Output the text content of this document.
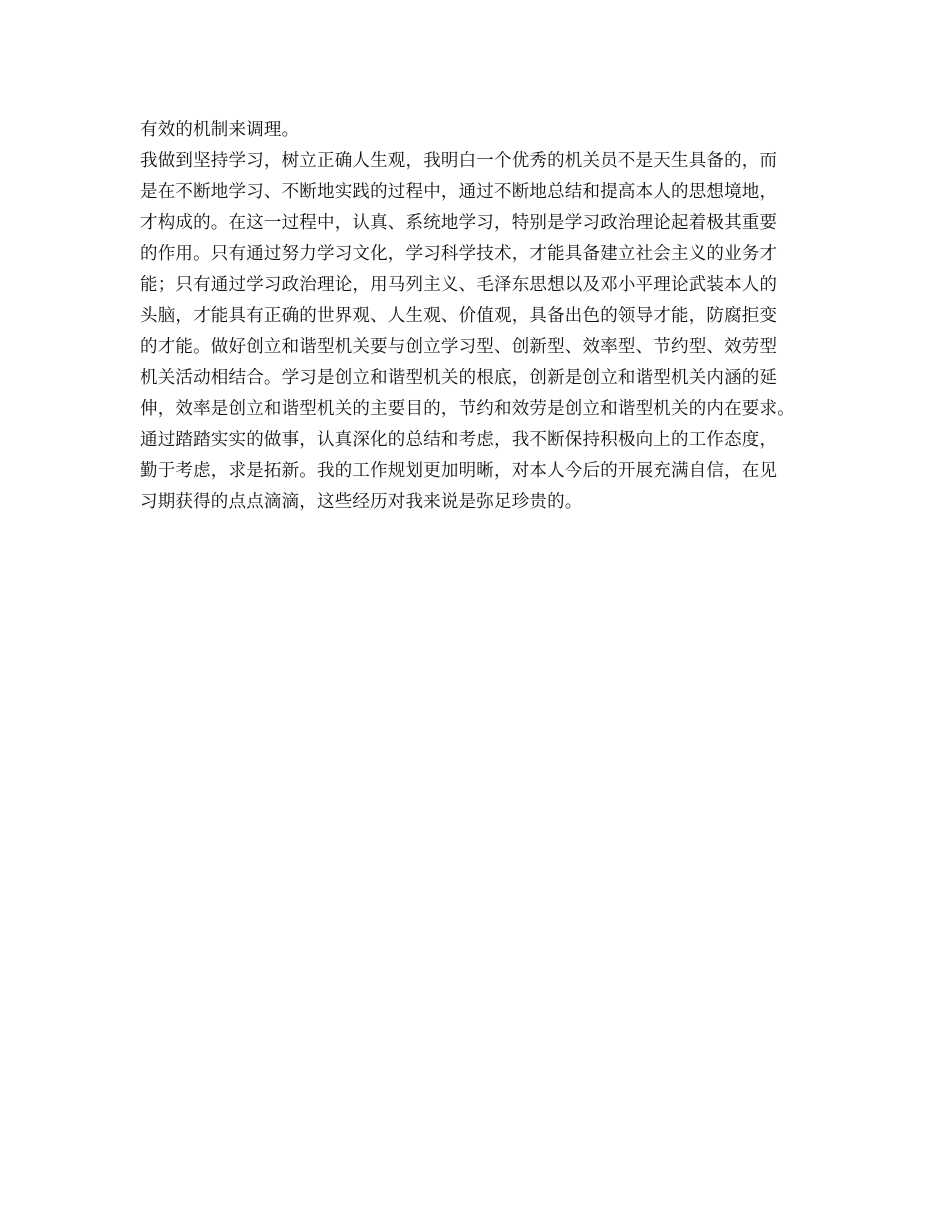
有效的机制来调理。
我做到坚持学习，树立正确人生观，我明白一个优秀的机关员不是天生具备的，而
是在不断地学习、不断地实践的过程中，通过不断地总结和提高本人的思想境地，
才构成的。在这一过程中，认真、系统地学习，特别是学习政治理论起着极其重要
的作用。只有通过努力学习文化，学习科学技术，才能具备建立社会主义的业务才
能；只有通过学习政治理论，用马列主义、毛泽东思想以及邓小平理论武装本人的
头脑，才能具有正确的世界观、人生观、价值观，具备出色的领导才能，防腐拒变
的才能。做好创立和谐型机关要与创立学习型、创新型、效率型、节约型、效劳型
机关活动相结合。学习是创立和谐型机关的根底，创新是创立和谐型机关内涵的延
伸，效率是创立和谐型机关的主要目的，节约和效劳是创立和谐型机关的内在要求。
通过踏踏实实的做事，认真深化的总结和考虑，我不断保持积极向上的工作态度，
勤于考虑，求是拓新。我的工作规划更加明晰，对本人今后的开展充满自信，在见
习期获得的点点滴滴，这些经历对我来说是弥足珍贵的。
